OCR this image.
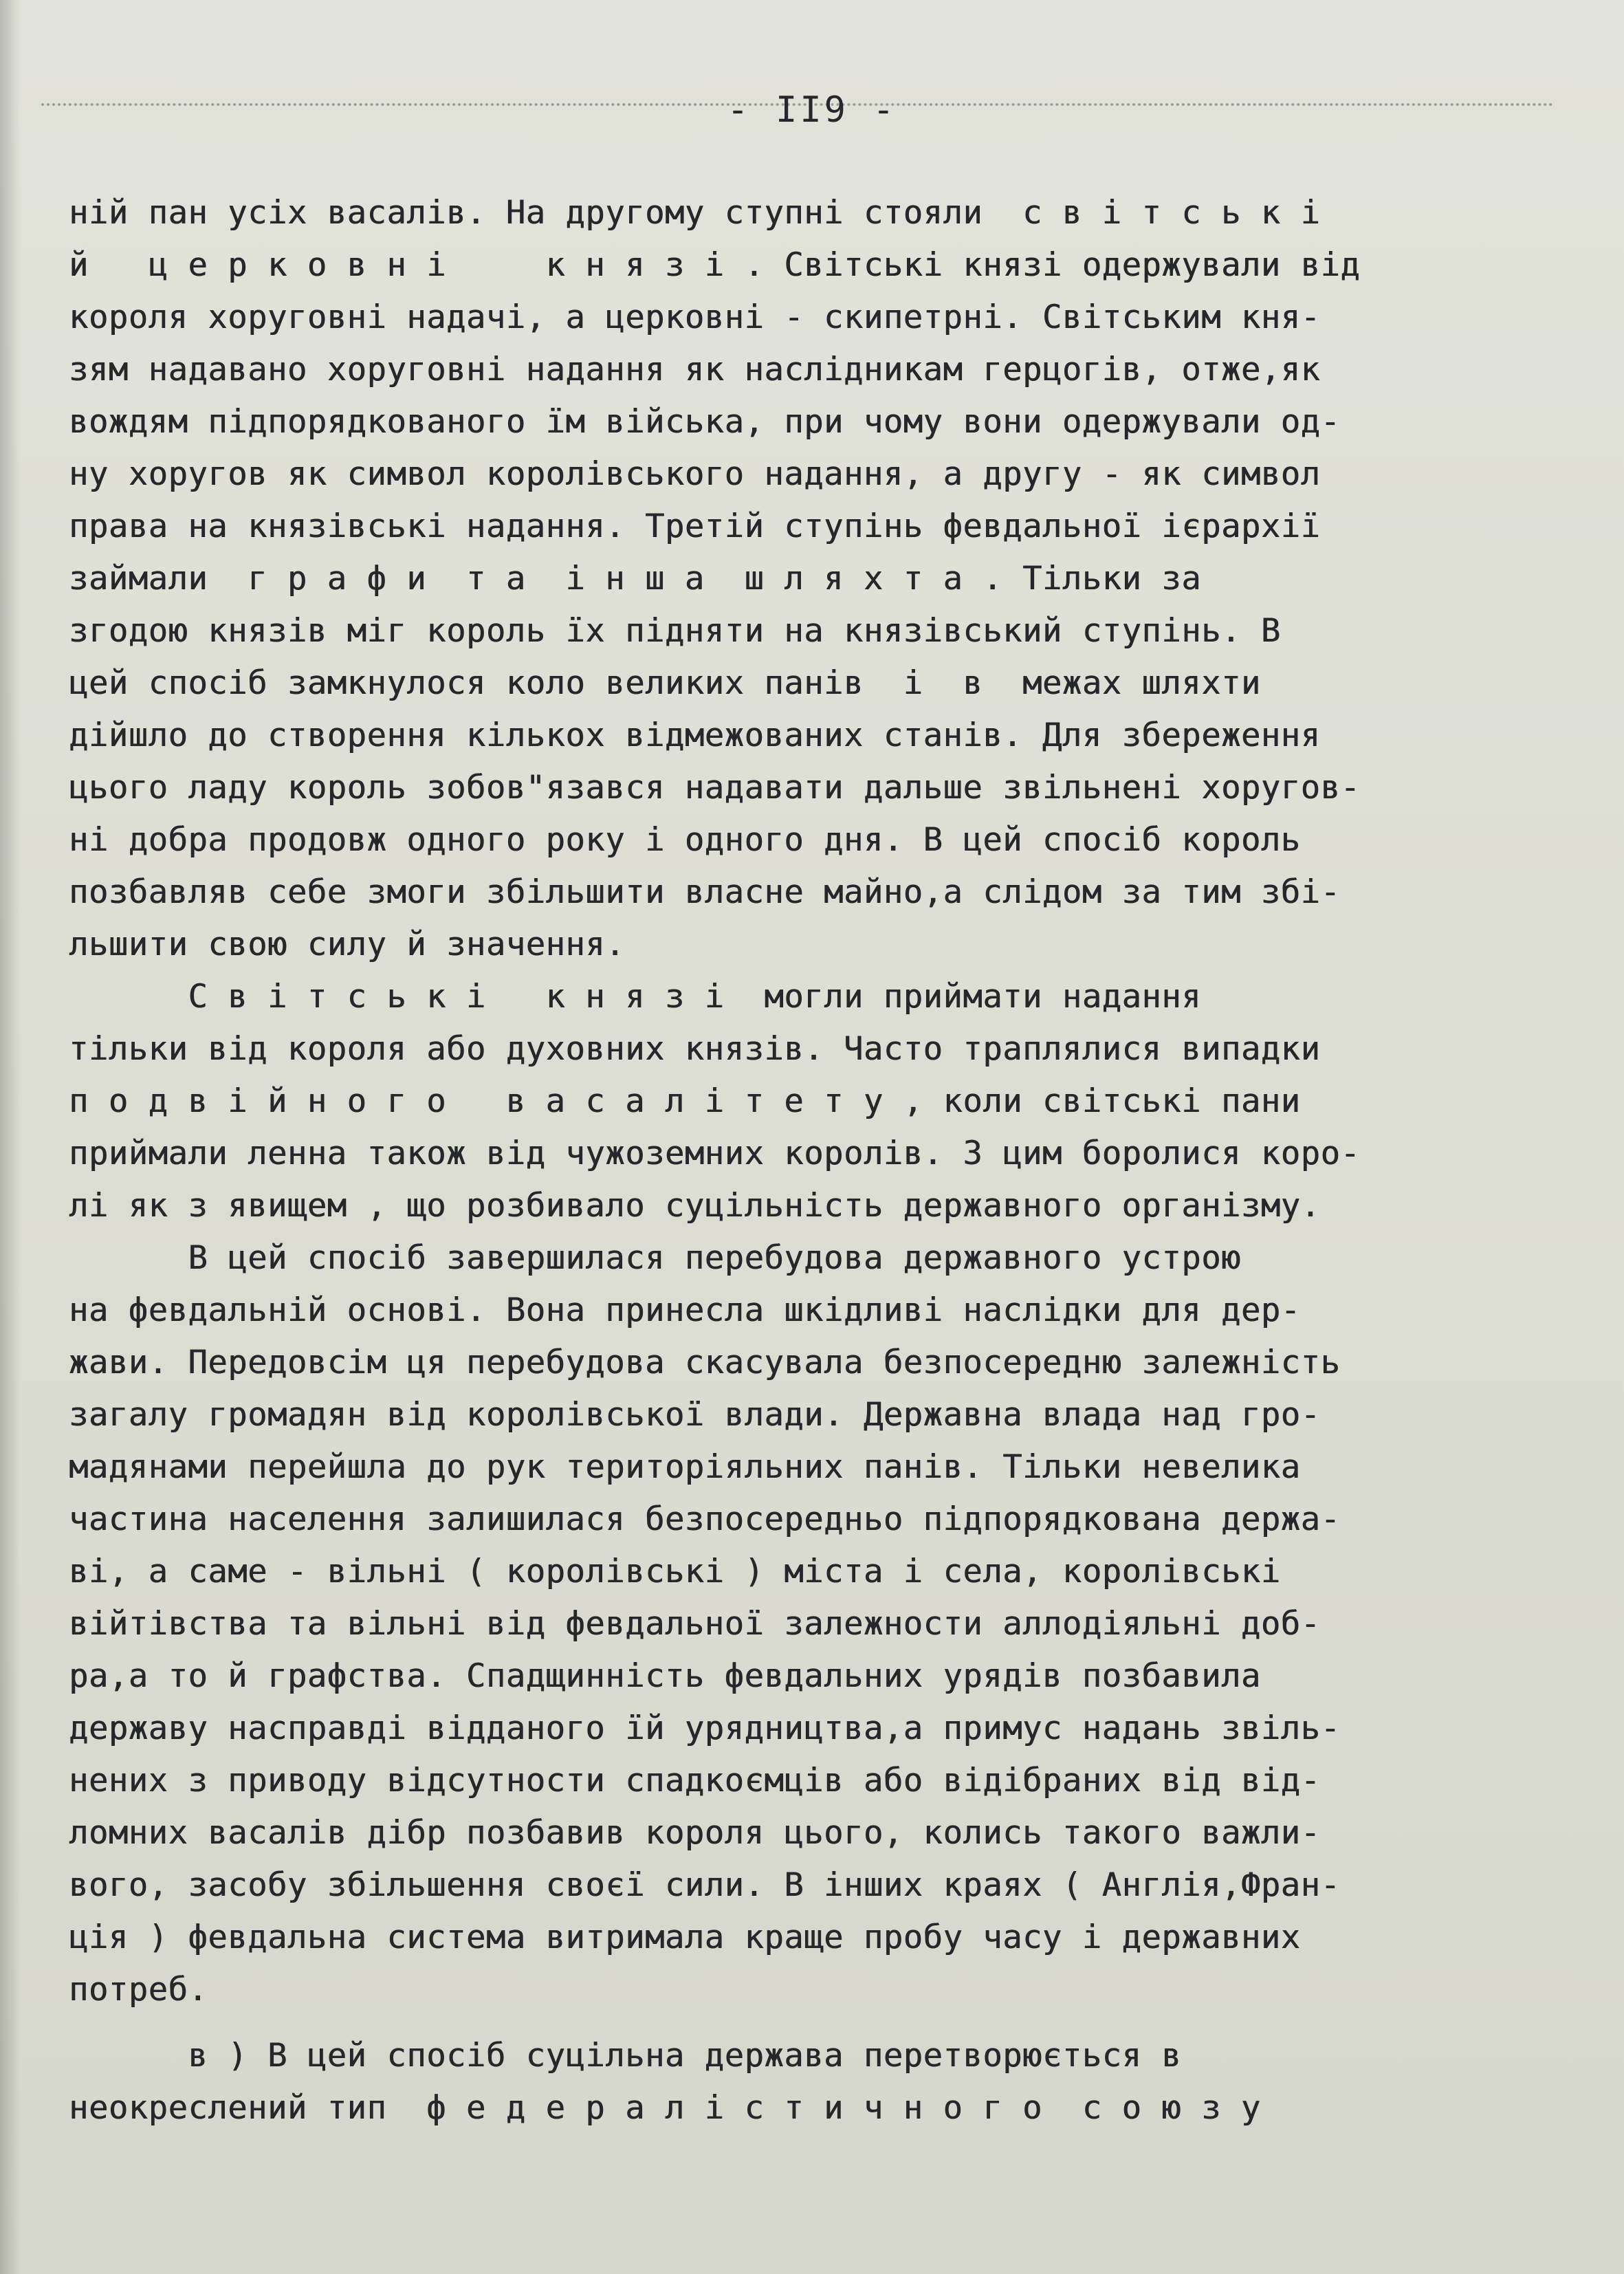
- II9 -
ній пан усіх васалів. На другому ступні стояли  с в і т с ь к і
й   ц е р к о в н і     к н я з і . Світські князі одержували від
короля хоруговні надачі, а церковні - скипетрні. Світським кня-
зям надавано хоруговні надання як наслідникам герцогів, отже,як
вождям підпорядкованого їм війська, при чому вони одержували од-
ну хоругов як символ королівського надання, а другу - як символ
права на князівські надання. Третій ступінь февдальної ієрархії
займали  г р а ф и  т а  і н ш а  ш л я х т а . Тільки за
згодою князів міг король їх підняти на князівський ступінь. В
цей спосіб замкнулося коло великих панів  і  в  межах шляхти
дійшло до створення кількох відмежованих станів. Для збереження
цього ладу король зобов"язався надавати дальше звільнені хоругов-
ні добра продовж одного року і одного дня. В цей спосіб король
позбавляв себе змоги збільшити власне майно,а слідом за тим збі-
льшити свою силу й значення.
С в і т с ь к і   к н я з і  могли приймати надання
тільки від короля або духовних князів. Часто траплялися випадки
п о д в і й н о г о   в а с а л і т е т у , коли світські пани
приймали ленна також від чужоземних королів. З цим боролися коро-
лі як з явищем , що розбивало суцільність державного організму.
В цей спосіб завершилася перебудова державного устрою
на февдальній основі. Вона принесла шкідливі наслідки для дер-
жави. Передовсім ця перебудова скасувала безпосередню залежність
загалу громадян від королівської влади. Державна влада над гро-
мадянами перейшла до рук територіяльних панів. Тільки невелика
частина населення залишилася безпосередньо підпорядкована держа-
ві, а саме - вільні ( королівські ) міста і села, королівські
війтівства та вільні від февдальної залежности аллодіяльні доб-
ра,а то й графства. Спадщинність февдальних урядів позбавила
державу насправді відданого їй урядництва,а примус надань звіль-
нених з приводу відсутности спадкоємців або відібраних від від-
ломних васалів дібр позбавив короля цього, колись такого важли-
вого, засобу збільшення своєї сили. В інших краях ( Англія,Фран-
ція ) февдальна система витримала краще пробу часу і державних
потреб.
в ) В цей спосіб суцільна держава перетворюється в
неокреслений тип  ф е д е р а л і с т и ч н о г о  с о ю з у
